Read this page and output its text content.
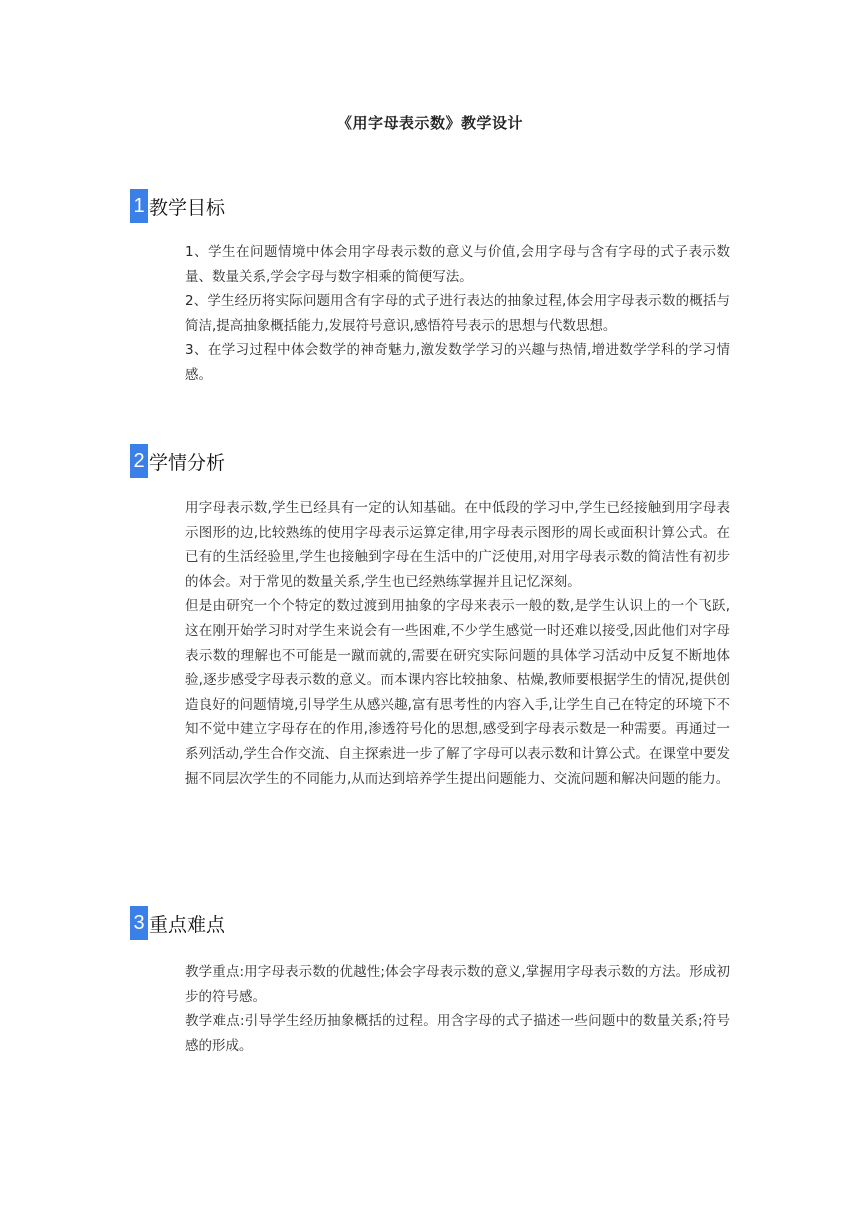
《用字母表示数》教学设计
1 教学目标

1、学生在问题情境中体会用字母表示数的意义与价值,会用字母与含有字母的式子表示数量、数量关系,学会字母与数字相乘的简便写法。

2、学生经历将实际问题用含有字母的式子进行表达的抽象过程,体会用字母表示数的概括与简洁,提高抽象概括能力,发展符号意识,感悟符号表示的思想与代数思想。

3、在学习过程中体会数学的神奇魅力,激发数学学习的兴趣与热情,增进数学学科的学习情感。

2 学情分析

用字母表示数,学生已经具有一定的认知基础。在中低段的学习中,学生已经接触到用字母表示图形的边,比较熟练的使用字母表示运算定律,用字母表示图形的周长或面积计算公式。在已有的生活经验里,学生也接触到字母在生活中的广泛使用,对用字母表示数的简洁性有初步的体会。对于常见的数量关系,学生也已经熟练掌握并且记忆深刻。

但是由研究一个个特定的数过渡到用抽象的字母来表示一般的数,是学生认识上的一个飞跃,这在刚开始学习时对学生来说会有一些困难,不少学生感觉一时还难以接受,因此他们对字母表示数的理解也不可能是一蹴而就的,需要在研究实际问题的具体学习活动中反复不断地体验,逐步感受字母表示数的意义。而本课内容比较抽象、枯燥,教师要根据学生的情况,提供创造良好的问题情境,引导学生从感兴趣,富有思考性的内容入手,让学生自己在特定的环境下不知不觉中建立字母存在的作用,渗透符号化的思想,感受到字母表示数是一种需要。再通过一系列活动,学生合作交流、自主探索进一步了解了字母可以表示数和计算公式。在课堂中要发掘不同层次学生的不同能力,从而达到培养学生提出问题能力、交流问题和解决问题的能力。

3 重点难点

教学重点:用字母表示数的优越性;体会字母表示数的意义,掌握用字母表示数的方法。形成初步的符号感。

教学难点:引导学生经历抽象概括的过程。用含字母的式子描述一些问题中的数量关系;符号感的形成。
